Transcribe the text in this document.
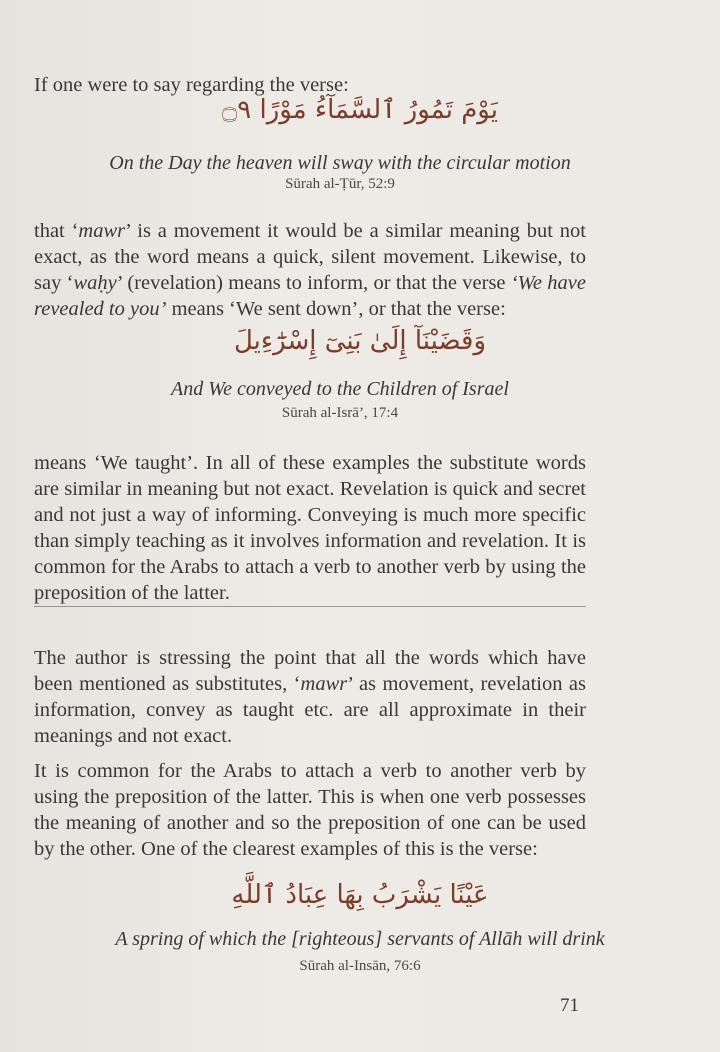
If one were to say regarding the verse:

يَوْمَ تَمُورُ ٱلسَّمَآءُ مَوْرًا ۝٩

On the Day the heaven will sway with the circular motion

Sūrah al-Ṭūr, 52:9

that ‘mawr’ is a movement it would be a similar meaning but not exact, as the word means a quick, silent movement. Likewise, to say ‘waḥy’ (revelation) means to inform, or that the verse ‘We have revealed to you’ means ‘We sent down’, or that the verse:

وَقَضَيْنَآ إِلَىٰ بَنِىٓ إِسْرَٰٓءِيلَ

And We conveyed to the Children of Israel

Sūrah al-Isrā’, 17:4

means ‘We taught’. In all of these examples the substitute words are similar in meaning but not exact. Revelation is quick and secret and not just a way of informing. Conveying is much more specific than simply teaching as it involves information and revelation. It is common for the Arabs to attach a verb to another verb by using the preposition of the latter.

The author is stressing the point that all the words which have been mentioned as substitutes, ‘mawr’ as movement, revelation as information, convey as taught etc. are all approximate in their meanings and not exact.

It is common for the Arabs to attach a verb to another verb by using the preposition of the latter. This is when one verb possesses the meaning of another and so the preposition of one can be used by the other. One of the clearest examples of this is the verse:

عَيْنًا يَشْرَبُ بِهَا عِبَادُ ٱللَّهِ

A spring of which the [righteous] servants of Allāh will drink

Sūrah al-Insān, 76:6

71
